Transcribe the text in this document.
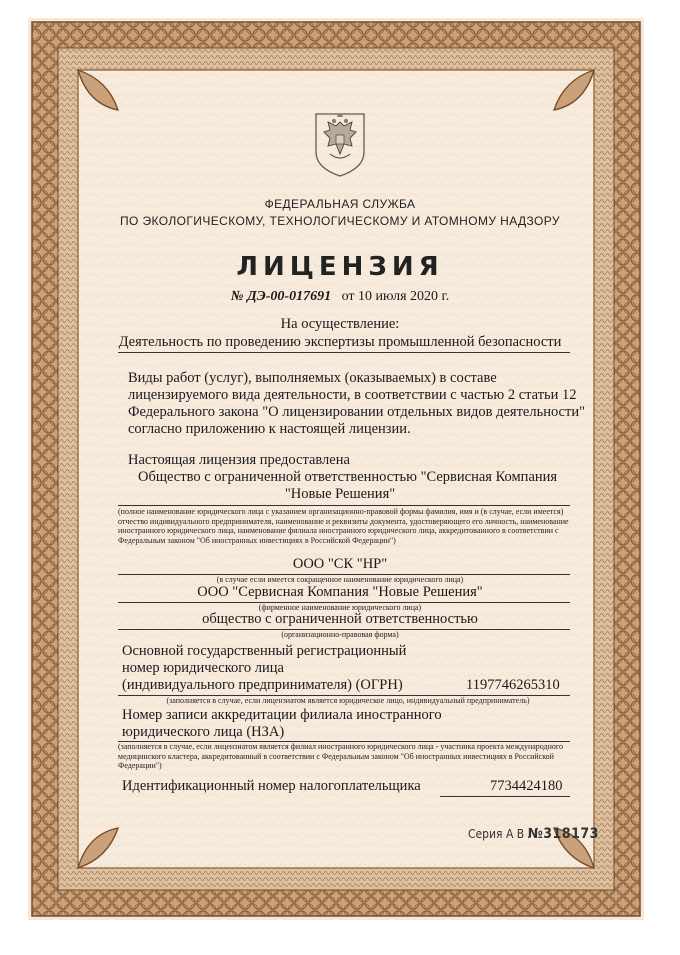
ФЕДЕРАЛЬНАЯ СЛУЖБА

ПО ЭКОЛОГИЧЕСКОМУ, ТЕХНОЛОГИЧЕСКОМУ И АТОМНОМУ НАДЗОРУ

ЛИЦЕНЗИЯ

№ ДЭ-00-017691 от 10 июля 2020 г.

На осуществление:

Деятельность по проведению экспертизы промышленной безопасности

Виды работ (услуг), выполняемых (оказываемых) в составе

лицензируемого вида деятельности, в соответствии с частью 2 статьи 12

Федерального закона "О лицензировании отдельных видов деятельности"

согласно приложению к настоящей лицензии.

Настоящая лицензия предоставлена

Общество с ограниченной ответственностью "Сервисная Компания

"Новые Решения"

(полное наименование юридического лица с указанием организационно-правовой формы фамилия, имя и (в случае, если имеется) отчество индивидуального предпринимателя, наименование и реквизиты документа, удостоверяющего его личность, наименование иностранного юридического лица, наименование филиала иностранного юридического лица, аккредитованного в соответствии с Федеральным законом "Об иностранных инвестициях в Российской Федерации")

ООО "СК "НР"

(в случае если имеется сокращенное наименование юридического лица)

ООО "Сервисная Компания "Новые Решения"

(фирменное наименование юридического лица)

общество с ограниченной ответственностью

(организационно-правовая форма)

Основной государственный регистрационный

номер юридического лица

(индивидуального предпринимателя) (ОГРН)	1197746265310

(заполняется в случае, если лицензиатом является юридическое лицо, индивидуальный предприниматель)

Номер записи аккредитации филиала иностранного

юридического лица (НЗА)

(заполняется в случае, если лицензиатом является филиал иностранного юридического лица - участника проекта международного медицинского кластера, аккредитованный в соответствии с Федеральным законом "Об иностранных инвестициях в Российской Федерации")

Идентификационный номер налогоплательщика	7734424180

Серия А В №318173
